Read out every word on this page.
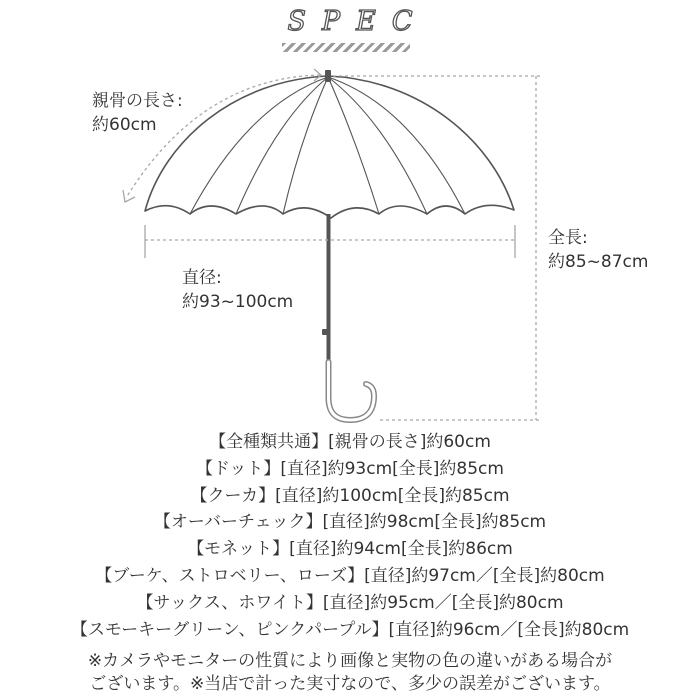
SPEC
親骨の長さ:
約60cm
直径:
約93~100cm
全長:
約85~87cm
【全種類共通】[親骨の長さ]約60cm
【ドット】[直径]約93cm[全長]約85cm
【クーカ】[直径]約100cm[全長]約85cm
【オーバーチェック】[直径]約98cm[全長]約85cm
【モネット】[直径]約94cm[全長]約86cm
【ブーケ、ストロベリー、ローズ】[直径]約97cm／[全長]約80cm
【サックス、ホワイト】[直径]約95cm／[全長]約80cm
【スモーキーグリーン、ピンクパープル】[直径]約96cm／[全長]約80cm
※カメラやモニターの性質により画像と実物の色の違いがある場合が
ございます。※当店で計った実寸なので、多少の誤差がございます。
